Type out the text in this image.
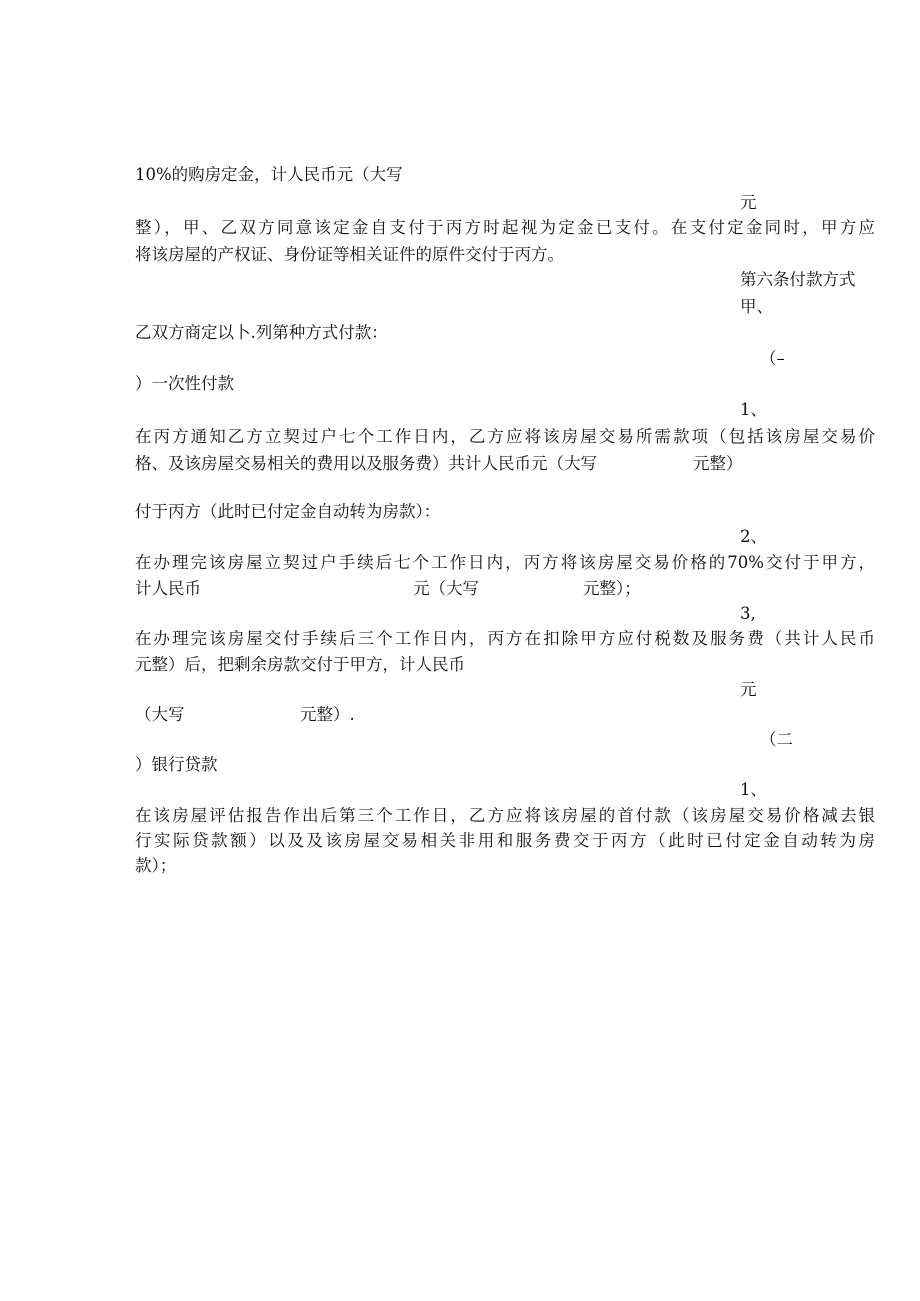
10%的购房定金，计人民币元（大写
元
整），甲、乙双方同意该定金自支付于丙方时起视为定金已支付。在支付定金同时，甲方应
将该房屋的产权证、身份证等相关证件的原件交付于丙方。
第六条付款方式
甲、
乙双方商定以卜.列第种方式付款：
（–
）一次性付款
1、
在丙方通知乙方立契过户七个工作日内，乙方应将该房屋交易所需款项（包括该房屋交易价
格、及该房屋交易相关的费用以及服务费）共计人民币元（大写	元整）
付于丙方（此时已付定金自动转为房款）：
2、
在办理完该房屋立契过户手续后七个工作日内，丙方将该房屋交易价格的70%交付于甲方，
计人民币	元（大写	元整）；
3,
在办理完该房屋交付手续后三个工作日内，丙方在扣除甲方应付税数及服务费（共计人民币
元整）后，把剩余房款交付于甲方，计人民币
元
（大写	元整）.
（二
）银行贷款
1、
在该房屋评估报告作出后第三个工作日，乙方应将该房屋的首付款（该房屋交易价格减去银
行实际贷款额）以及及该房屋交易相关非用和服务费交于丙方（此时已付定金自动转为房
款）；
